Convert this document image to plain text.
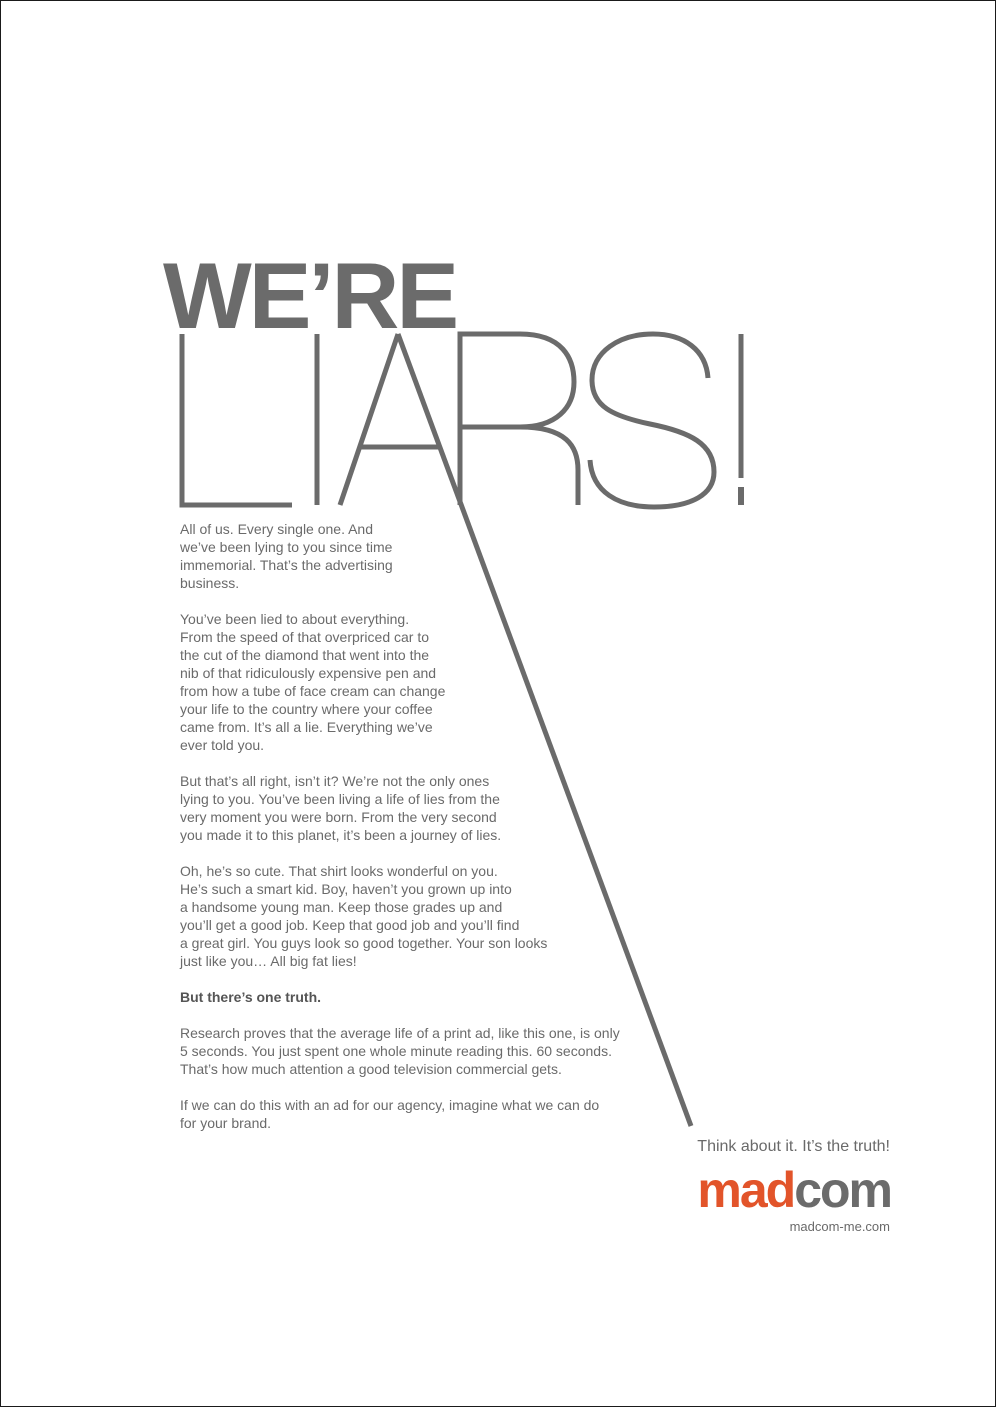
WE’RE

All of us. Every single one. And
we’ve been lying to you since time
immemorial. That’s the advertising
business.

You’ve been lied to about everything.
From the speed of that overpriced car to
the cut of the diamond that went into the
nib of that ridiculously expensive pen and
from how a tube of face cream can change
your life to the country where your coffee
came from. It’s all a lie. Everything we’ve
ever told you.

But that’s all right, isn’t it? We’re not the only ones
lying to you. You’ve been living a life of lies from the
very moment you were born. From the very second
you made it to this planet, it’s been a journey of lies.

Oh, he’s so cute. That shirt looks wonderful on you.
He’s such a smart kid. Boy, haven’t you grown up into
a handsome young man. Keep those grades up and
you’ll get a good job. Keep that good job and you’ll find
a great girl. You guys look so good together. Your son looks
just like you… All big fat lies!

But there’s one truth.

Research proves that the average life of a print ad, like this one, is only
5 seconds. You just spent one whole minute reading this. 60 seconds.
That’s how much attention a good television commercial gets.

If we can do this with an ad for our agency, imagine what we can do
for your brand.

Think about it. It’s the truth!
madcom
madcom-me.com
